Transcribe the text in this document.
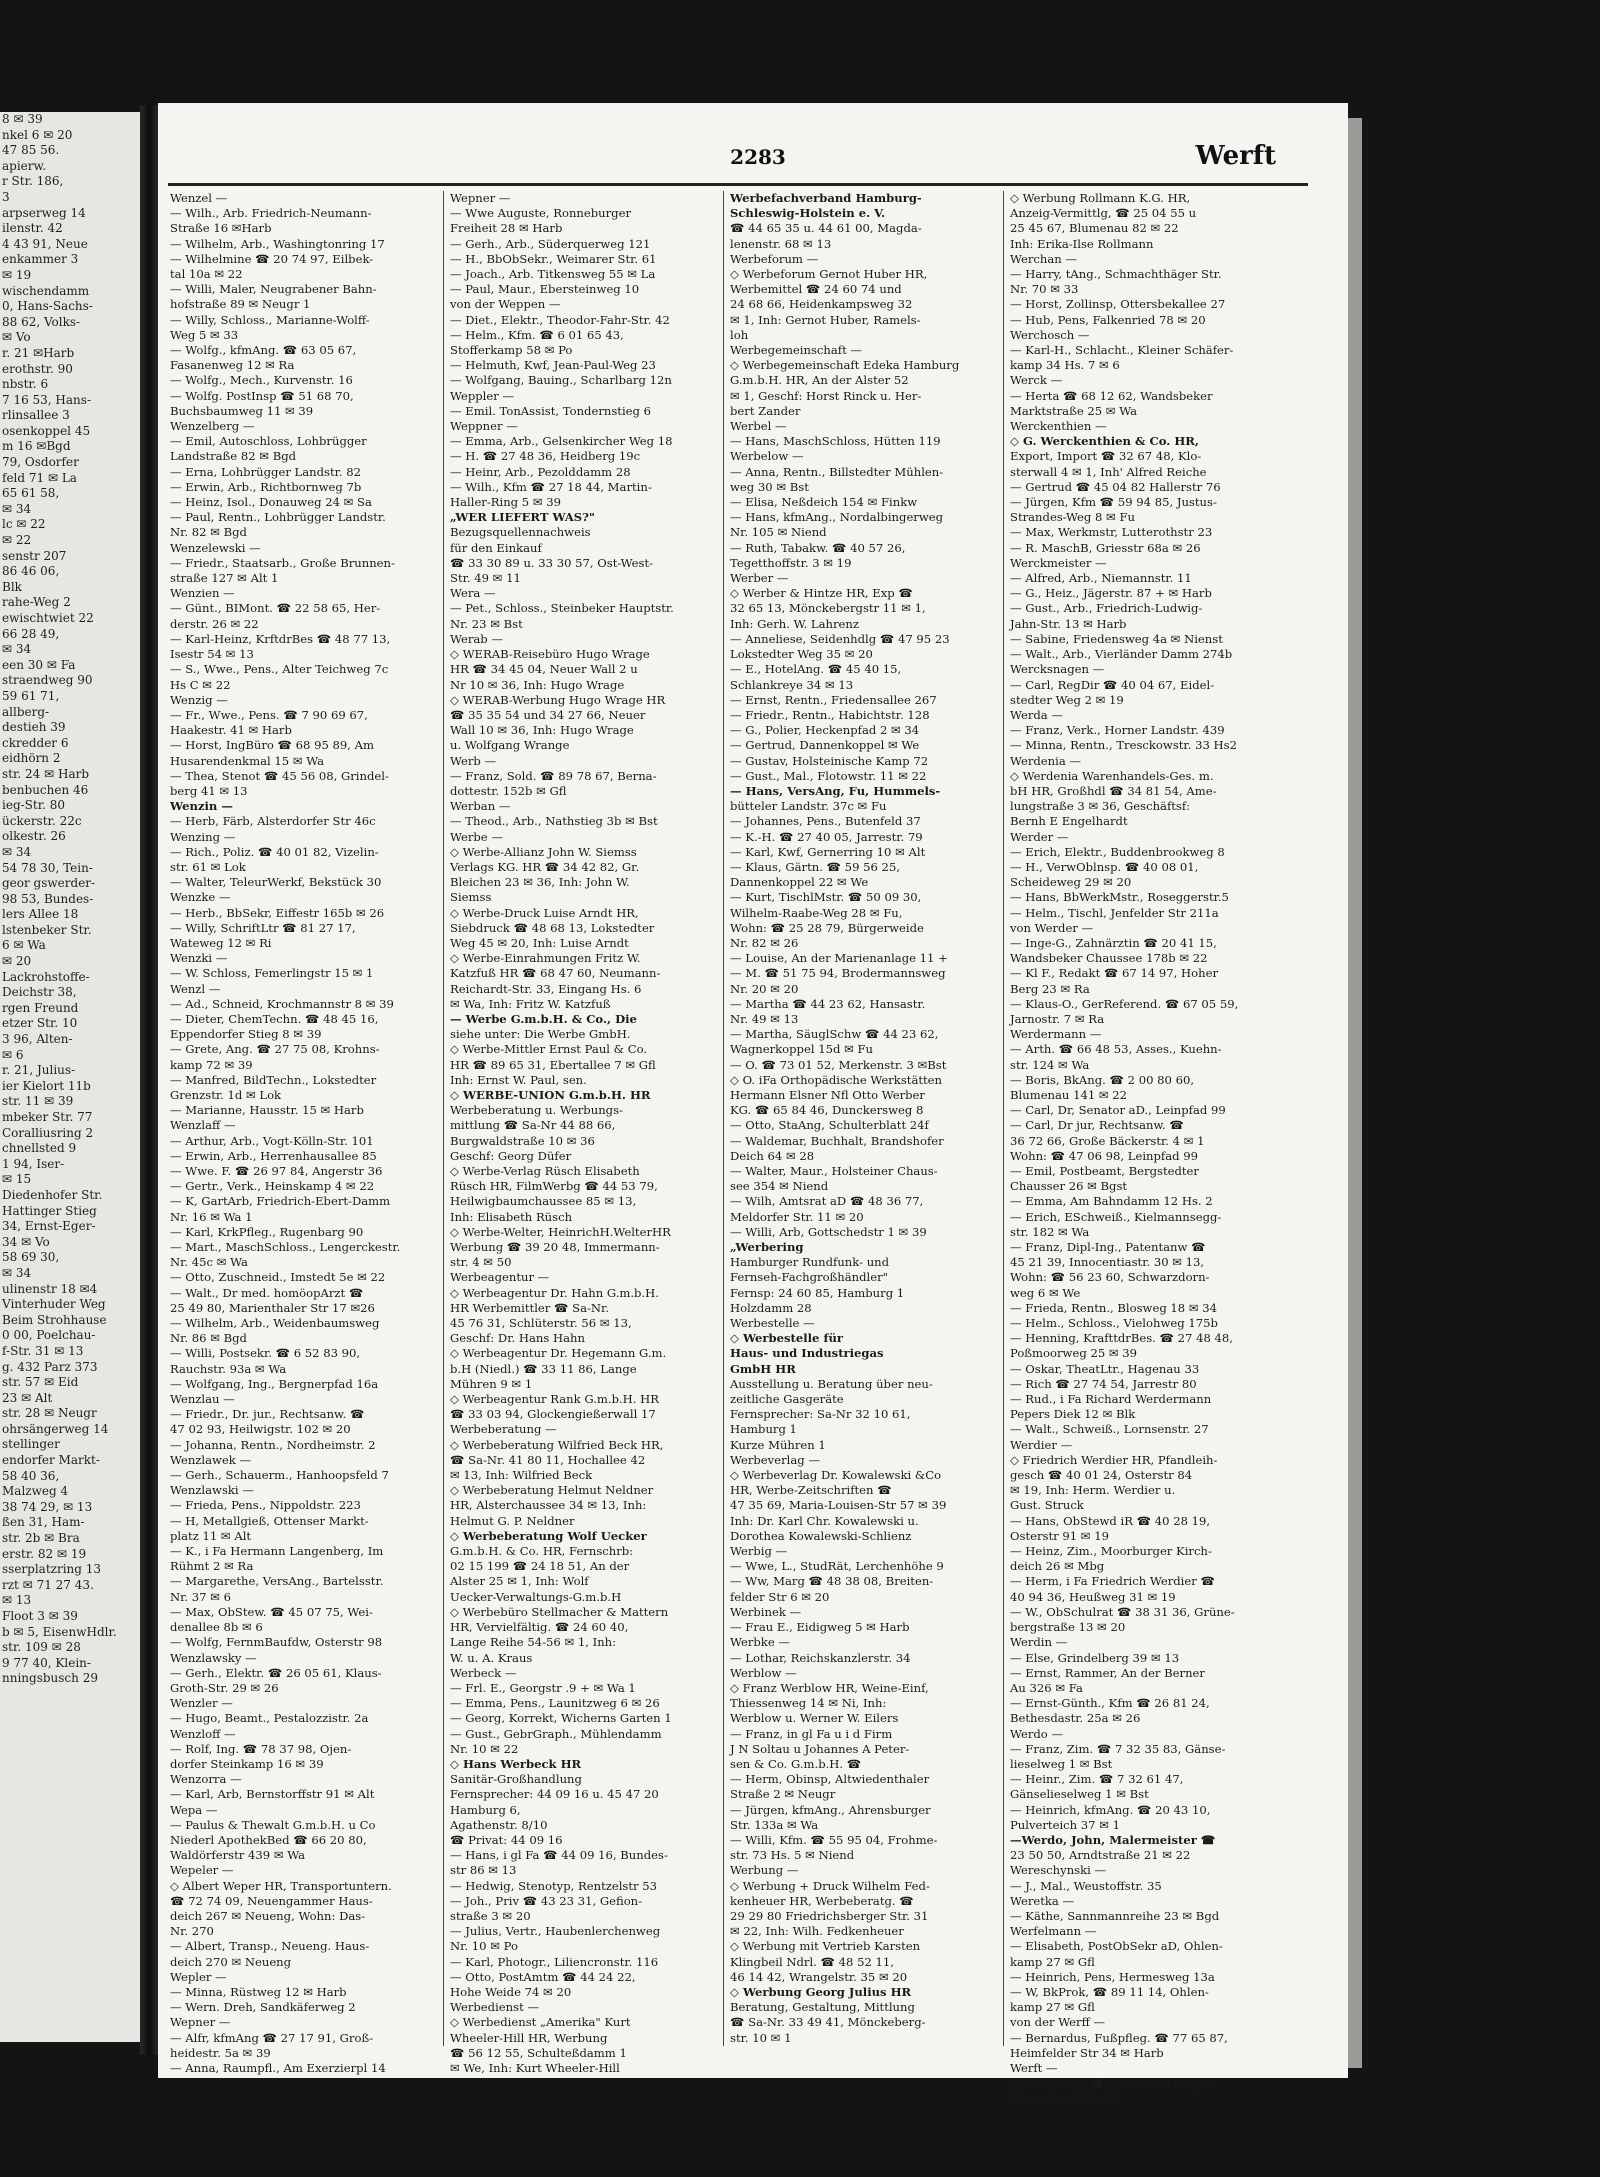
8 ✉ 39
nkel 6 ✉ 20
47 85 56.
apierw.
r Str. 186,
3
arpserweg 14
ilenstr. 42
4 43 91, Neue
enkammer 3
✉ 19
wischendamm
0, Hans-Sachs-
88 62, Volks-
✉ Vo
r. 21 ✉Harb
erothstr. 90
nbstr. 6
7 16 53, Hans-
rlinsallee 3
osenkoppel 45
m 16 ✉Bgd
79, Osdorfer
feld 71 ✉ La
65 61 58,
✉ 34
lc ✉ 22
✉ 22
senstr 207
86 46 06,
Blk
rahe-Weg 2
ewischtwiet 22
66 28 49,
✉ 34
een 30 ✉ Fa
straendweg 90
59 61 71,
allberg-
destieh 39
ckredder 6
eidhörn 2
str. 24 ✉ Harb
benbuchen 46
ieg-Str. 80
ückerstr. 22c
olkestr. 26
✉ 34
54 78 30, Tein-
geor gswerder-
98 53, Bundes-
lers Allee 18
lstenbeker Str.
6 ✉ Wa
✉ 20
Lackrohstoffe-
Deichstr 38,
rgen Freund
etzer Str. 10
3 96, Alten-
✉ 6
r. 21, Julius-
ier Kielort 11b
str. 11 ✉ 39
mbeker Str. 77
Coralliusring 2
chnellsted 9
1 94, Iser-
✉ 15
Diedenhofer Str.
Hattinger Stieg
34, Ernst-Eger-
34 ✉ Vo
58 69 30,
✉ 34
ulinenstr 18 ✉4
Vinterhuder Weg
Beim Strohhause
0 00, Poelchau-
f-Str. 31 ✉ 13
g. 432 Parz 373
str. 57 ✉ Eid
23 ✉ Alt
str. 28 ✉ Neugr
ohrsängerweg 14
stellinger
endorfer Markt-
58 40 36,
Malzweg 4
38 74 29, ✉ 13
ßen 31, Ham-
str. 2b ✉ Bra
erstr. 82 ✉ 19
sserplatzring 13
rzt ✉ 71 27 43.
✉ 13
Floot 3 ✉ 39
b ✉ 5, EisenwHdlr.
str. 109 ✉ 28
9 77 40, Klein-
nningsbusch 29
2283	Werft
Wenzel —
— Wilh., Arb. Friedrich-Neumann-
Straße 16 ✉Harb
— Wilhelm, Arb., Washingtonring 17
— Wilhelmine ☎ 20 74 97, Eilbek-
tal 10a ✉ 22
— Willi, Maler, Neugrabener Bahn-
hofstraße 89 ✉ Neugr 1
— Willy, Schloss., Marianne-Wolff-
Weg 5 ✉ 33
— Wolfg., kfmAng. ☎ 63 05 67,
Fasanenweg 12 ✉ Ra
— Wolfg., Mech., Kurvenstr. 16
— Wolfg. PostInsp ☎ 51 68 70,
Buchsbaumweg 11 ✉ 39
Wenzelberg —
— Emil, Autoschloss, Lohbrügger
Landstraße 82 ✉ Bgd
— Erna, Lohbrügger Landstr. 82
— Erwin, Arb., Richtbornweg 7b
— Heinz, Isol., Donauweg 24 ✉ Sa
— Paul, Rentn., Lohbrügger Landstr.
Nr. 82 ✉ Bgd
Wenzelewski —
— Friedr., Staatsarb., Große Brunnen-
straße 127 ✉ Alt 1
Wenzien —
— Günt., BIMont. ☎ 22 58 65, Her-
derstr. 26 ✉ 22
— Karl-Heinz, KrftdrBes ☎ 48 77 13,
Isestr 54 ✉ 13
— S., Wwe., Pens., Alter Teichweg 7c
Hs C ✉ 22
Wenzig —
— Fr., Wwe., Pens. ☎ 7 90 69 67,
Haakestr. 41 ✉ Harb
— Horst, IngBüro ☎ 68 95 89, Am
Husarendenkmal 15 ✉ Wa
— Thea, Stenot ☎ 45 56 08, Grindel-
berg 41 ✉ 13
Wenzin —
— Herb, Färb, Alsterdorfer Str 46c
Wenzing —
— Rich., Poliz. ☎ 40 01 82, Vizelin-
str. 61 ✉ Lok
— Walter, TeleurWerkf, Bekstück 30
Wenzke —
— Herb., BbSekr, Eiffestr 165b ✉ 26
— Willy, SchriftLtr ☎ 81 27 17,
Wateweg 12 ✉ Ri
Wenzki —
— W. Schloss, Femerlingstr 15 ✉ 1
Wenzl —
— Ad., Schneid, Krochmannstr 8 ✉ 39
— Dieter, ChemTechn. ☎ 48 45 16,
Eppendorfer Stieg 8 ✉ 39
— Grete, Ang. ☎ 27 75 08, Krohns-
kamp 72 ✉ 39
— Manfred, BildTechn., Lokstedter
Grenzstr. 1d ✉ Lok
— Marianne, Hausstr. 15 ✉ Harb
Wenzlaff —
— Arthur, Arb., Vogt-Kölln-Str. 101
— Erwin, Arb., Herrenhausallee 85
— Wwe. F. ☎ 26 97 84, Angerstr 36
— Gertr., Verk., Heinskamp 4 ✉ 22
— K, GartArb, Friedrich-Ebert-Damm
Nr. 16 ✉ Wa 1
— Karl, KrkPfleg., Rugenbarg 90
— Mart., MaschSchloss., Lengerckestr.
Nr. 45c ✉ Wa
— Otto, Zuschneid., Imstedt 5e ✉ 22
— Walt., Dr med. homöopArzt ☎
25 49 80, Marienthaler Str 17 ✉26
— Wilhelm, Arb., Weidenbaumsweg
Nr. 86 ✉ Bgd
— Willi, Postsekr. ☎ 6 52 83 90,
Rauchstr. 93a ✉ Wa
— Wolfgang, Ing., Bergnerpfad 16a
Wenzlau —
— Friedr., Dr. jur., Rechtsanw. ☎
47 02 93, Heilwigstr. 102 ✉ 20
— Johanna, Rentn., Nordheimstr. 2
Wenzlawek —
— Gerh., Schauerm., Hanhoopsfeld 7
Wenzlawski —
— Frieda, Pens., Nippoldstr. 223
— H, Metallgieß, Ottenser Markt-
platz 11 ✉ Alt
— K., i Fa Hermann Langenberg, Im
Rühmt 2 ✉ Ra
— Margarethe, VersAng., Bartelsstr.
Nr. 37 ✉ 6
— Max, ObStew. ☎ 45 07 75, Wei-
denallee 8b ✉ 6
— Wolfg, FernmBaufdw, Osterstr 98
Wenzlawsky —
— Gerh., Elektr. ☎ 26 05 61, Klaus-
Groth-Str. 29 ✉ 26
Wenzler —
— Hugo, Beamt., Pestalozzistr. 2a
Wenzloff —
— Rolf, Ing. ☎ 78 37 98, Ojen-
dorfer Steinkamp 16 ✉ 39
Wenzorra —
— Karl, Arb, Bernstorffstr 91 ✉ Alt
Wepa —
— Paulus & Thewalt G.m.b.H. u Co
Niederl ApothekBed ☎ 66 20 80,
Waldörferstr 439 ✉ Wa
Wepeler —
◇ Albert Weper HR, Transportuntern.
☎ 72 74 09, Neuengammer Haus-
deich 267 ✉ Neueng, Wohn: Das-
Nr. 270
— Albert, Transp., Neueng. Haus-
deich 270 ✉ Neueng
Wepler —
— Minna, Rüstweg 12 ✉ Harb
— Wern. Dreh, Sandkäferweg 2
Wepner —
— Alfr, kfmAng ☎ 27 17 91, Groß-
heidestr. 5a ✉ 39
— Anna, Raumpfl., Am Exerzierpl 14
Wepner —
— Wwe Auguste, Ronneburger
Freiheit 28 ✉ Harb
— Gerh., Arb., Süderquerweg 121
— H., BbObSekr., Weimarer Str. 61
— Joach., Arb. Titkensweg 55 ✉ La
— Paul, Maur., Ebersteinweg 10
von der Weppen —
— Diet., Elektr., Theodor-Fahr-Str. 42
— Helm., Kfm. ☎ 6 01 65 43,
Stofferkamp 58 ✉ Po
— Helmuth, Kwf, Jean-Paul-Weg 23
— Wolfgang, Bauing., Scharlbarg 12n
Weppler —
— Emil. TonAssist, Tondernstieg 6
Weppner —
— Emma, Arb., Gelsenkircher Weg 18
— H. ☎ 27 48 36, Heidberg 19c
— Heinr, Arb., Pezolddamm 28
— Wilh., Kfm ☎ 27 18 44, Martin-
Haller-Ring 5 ✉ 39
„WER LIEFERT WAS?"
Bezugsquellennachweis
für den Einkauf
☎ 33 30 89 u. 33 30 57, Ost-West-
Str. 49 ✉ 11
Wera —
— Pet., Schloss., Steinbeker Hauptstr.
Nr. 23 ✉ Bst
Werab —
◇ WERAB-Reisebüro Hugo Wrage
HR ☎ 34 45 04, Neuer Wall 2 u
Nr 10 ✉ 36, Inh: Hugo Wrage
◇ WERAB-Werbung Hugo Wrage HR
☎ 35 35 54 und 34 27 66, Neuer
Wall 10 ✉ 36, Inh: Hugo Wrage
u. Wolfgang Wrange
Werb —
— Franz, Sold. ☎ 89 78 67, Berna-
dottestr. 152b ✉ Gfl
Werban —
— Theod., Arb., Nathstieg 3b ✉ Bst
Werbe —
◇ Werbe-Allianz John W. Siemss
Verlags KG. HR ☎ 34 42 82, Gr.
Bleichen 23 ✉ 36, Inh: John W.
Siemss
◇ Werbe-Druck Luise Arndt HR,
Siebdruck ☎ 48 68 13, Lokstedter
Weg 45 ✉ 20, Inh: Luise Arndt
◇ Werbe-Einrahmungen Fritz W.
Katzfuß HR ☎ 68 47 60, Neumann-
Reichardt-Str. 33, Eingang Hs. 6
✉ Wa, Inh: Fritz W. Katzfuß
— Werbe G.m.b.H. & Co., Die
siehe unter: Die Werbe GmbH.
◇ Werbe-Mittler Ernst Paul & Co.
HR ☎ 89 65 31, Ebertallee 7 ✉ Gfl
Inh: Ernst W. Paul, sen.
◇ WERBE-UNION G.m.b.H. HR
Werbeberatung u. Werbungs-
mittlung ☎ Sa-Nr 44 88 66,
Burgwaldstraße 10 ✉ 36
Geschf: Georg Düfer
◇ Werbe-Verlag Rüsch Elisabeth
Rüsch HR, FilmWerbg ☎ 44 53 79,
Heilwigbaumchaussee 85 ✉ 13,
Inh: Elisabeth Rüsch
◇ Werbe-Welter, HeinrichH.WelterHR
Werbung ☎ 39 20 48, Immermann-
str. 4 ✉ 50
Werbeagentur —
◇ Werbeagentur Dr. Hahn G.m.b.H.
HR Werbemittler ☎ Sa-Nr.
45 76 31, Schlüterstr. 56 ✉ 13,
Geschf: Dr. Hans Hahn
◇ Werbeagentur Dr. Hegemann G.m.
b.H (Niedl.) ☎ 33 11 86, Lange
Mühren 9 ✉ 1
◇ Werbeagentur Rank G.m.b.H. HR
☎ 33 03 94, Glockengießerwall 17
Werbeberatung —
◇ Werbeberatung Wilfried Beck HR,
☎ Sa-Nr. 41 80 11, Hochallee 42
✉ 13, Inh: Wilfried Beck
◇ Werbeberatung Helmut Neldner
HR, Alsterchaussee 34 ✉ 13, Inh:
Helmut G. P. Neldner
◇ Werbeberatung Wolf Uecker
G.m.b.H. & Co. HR, Fernschrb:
02 15 199 ☎ 24 18 51, An der
Alster 25 ✉ 1, Inh: Wolf
Uecker-Verwaltungs-G.m.b.H
◇ Werbebüro Stellmacher & Mattern
HR, Vervielfältig. ☎ 24 60 40,
Lange Reihe 54-56 ✉ 1, Inh:
W. u. A. Kraus
Werbeck —
— Frl. E., Georgstr .9 + ✉ Wa 1
— Emma, Pens., Launitzweg 6 ✉ 26
— Georg, Korrekt, Wicherns Garten 1
— Gust., GebrGraph., Mühlendamm
Nr. 10 ✉ 22
◇ Hans Werbeck HR
Sanitär-Großhandlung
Fernsprecher: 44 09 16 u. 45 47 20
Hamburg 6,
Agathenstr. 8/10
☎ Privat: 44 09 16
— Hans, i gl Fa ☎ 44 09 16, Bundes-
str 86 ✉ 13
— Hedwig, Stenotyp, Rentzelstr 53
— Joh., Priv ☎ 43 23 31, Gefion-
straße 3 ✉ 20
— Julius, Vertr., Haubenlerchenweg
Nr. 10 ✉ Po
— Karl, Photogr., Liliencronstr. 116
— Otto, PostAmtm ☎ 44 24 22,
Hohe Weide 74 ✉ 20
Werbedienst —
◇ Werbedienst „Amerika" Kurt
Wheeler-Hill HR, Werbung
☎ 56 12 55, Schulteßdamm 1
✉ We, Inh: Kurt Wheeler-Hill
Werbefachverband Hamburg-
Schleswig-Holstein e. V.
☎ 44 65 35 u. 44 61 00, Magda-
lenenstr. 68 ✉ 13
Werbeforum —
◇ Werbeforum Gernot Huber HR,
Werbemittel ☎ 24 60 74 und
24 68 66, Heidenkampsweg 32
✉ 1, Inh: Gernot Huber, Ramels-
loh
Werbegemeinschaft —
◇ Werbegemeinschaft Edeka Hamburg
G.m.b.H. HR, An der Alster 52
✉ 1, Geschf: Horst Rinck u. Her-
bert Zander
Werbel —
— Hans, MaschSchloss, Hütten 119
Werbelow —
— Anna, Rentn., Billstedter Mühlen-
weg 30 ✉ Bst
— Elisa, Neßdeich 154 ✉ Finkw
— Hans, kfmAng., Nordalbingerweg
Nr. 105 ✉ Niend
— Ruth, Tabakw. ☎ 40 57 26,
Tegetthoffstr. 3 ✉ 19
Werber —
◇ Werber & Hintze HR, Exp ☎
32 65 13, Mönckebergstr 11 ✉ 1,
Inh: Gerh. W. Lahrenz
— Anneliese, Seidenhdlg ☎ 47 95 23
Lokstedter Weg 35 ✉ 20
— E., HotelAng. ☎ 45 40 15,
Schlankreye 34 ✉ 13
— Ernst, Rentn., Friedensallee 267
— Friedr., Rentn., Habichtstr. 128
— G., Polier, Heckenpfad 2 ✉ 34
— Gertrud, Dannenkoppel ✉ We
— Gustav, Holsteinische Kamp 72
— Gust., Mal., Flotowstr. 11 ✉ 22
— Hans, VersAng, Fu, Hummels-
bütteler Landstr. 37c ✉ Fu
— Johannes, Pens., Butenfeld 37
— K.-H. ☎ 27 40 05, Jarrestr. 79
— Karl, Kwf, Gernerring 10 ✉ Alt
— Klaus, Gärtn. ☎ 59 56 25,
Dannenkoppel 22 ✉ We
— Kurt, TischlMstr. ☎ 50 09 30,
Wilhelm-Raabe-Weg 28 ✉ Fu,
Wohn: ☎ 25 28 79, Bürgerweide
Nr. 82 ✉ 26
— Louise, An der Marienanlage 11 +
— M. ☎ 51 75 94, Brodermannsweg
Nr. 20 ✉ 20
— Martha ☎ 44 23 62, Hansastr.
Nr. 49 ✉ 13
— Martha, SäuglSchw ☎ 44 23 62,
Wagnerkoppel 15d ✉ Fu
— O. ☎ 73 01 52, Merkenstr. 3 ✉Bst
◇ O. iFa Orthopädische Werkstätten
Hermann Elsner Nfl Otto Werber
KG. ☎ 65 84 46, Dunckersweg 8
— Otto, StaAng, Schulterblatt 24f
— Waldemar, Buchhalt, Brandshofer
Deich 64 ✉ 28
— Walter, Maur., Holsteiner Chaus-
see 354 ✉ Niend
— Wilh, Amtsrat aD ☎ 48 36 77,
Meldorfer Str. 11 ✉ 20
— Willi, Arb, Gottschedstr 1 ✉ 39
„Werbering
Hamburger Rundfunk- und
Fernseh-Fachgroßhändler"
Fernsp: 24 60 85, Hamburg 1
Holzdamm 28
Werbestelle —
◇ Werbestelle für
Haus- und Industriegas
GmbH HR
Ausstellung u. Beratung über neu-
zeitliche Gasgeräte
Fernsprecher: Sa-Nr 32 10 61,
Hamburg 1
Kurze Mühren 1
Werbeverlag —
◇ Werbeverlag Dr. Kowalewski &Co
HR, Werbe-Zeitschriften ☎
47 35 69, Maria-Louisen-Str 57 ✉ 39
Inh: Dr. Karl Chr. Kowalewski u.
Dorothea Kowalewski-Schlienz
Werbig —
— Wwe, L., StudRät, Lerchenhöhe 9
— Ww, Marg ☎ 48 38 08, Breiten-
felder Str 6 ✉ 20
Werbinek —
— Frau E., Eidigweg 5 ✉ Harb
Werbke —
— Lothar, Reichskanzlerstr. 34
Werblow —
◇ Franz Werblow HR, Weine-Einf,
Thiessenweg 14 ✉ Ni, Inh:
Werblow u. Werner W. Eilers
— Franz, in gl Fa u i d Firm
J N Soltau u Johannes A Peter-
sen & Co. G.m.b.H. ☎
— Herm, Obinsp, Altwiedenthaler
Straße 2 ✉ Neugr
— Jürgen, kfmAng., Ahrensburger
Str. 133a ✉ Wa
— Willi, Kfm. ☎ 55 95 04, Frohme-
str. 73 Hs. 5 ✉ Niend
Werbung —
◇ Werbung + Druck Wilhelm Fed-
kenheuer HR, Werbeberatg. ☎
29 29 80 Friedrichsberger Str. 31
✉ 22, Inh: Wilh. Fedkenheuer
◇ Werbung mit Vertrieb Karsten
Klingbeil Ndrl. ☎ 48 52 11,
46 14 42, Wrangelstr. 35 ✉ 20
◇ Werbung Georg Julius HR
Beratung, Gestaltung, Mittlung
☎ Sa-Nr. 33 49 41, Mönckeberg-
str. 10 ✉ 1
◇ Werbung Rollmann K.G. HR,
Anzeig-Vermittlg, ☎ 25 04 55 u
25 45 67, Blumenau 82 ✉ 22
Inh: Erika-Ilse Rollmann
Werchan —
— Harry, tAng., Schmachthäger Str.
Nr. 70 ✉ 33
— Horst, Zollinsp, Ottersbekallee 27
— Hub, Pens, Falkenried 78 ✉ 20
Werchosch —
— Karl-H., Schlacht., Kleiner Schäfer-
kamp 34 Hs. 7 ✉ 6
Werck —
— Herta ☎ 68 12 62, Wandsbeker
Marktstraße 25 ✉ Wa
Werckenthien —
◇ G. Werckenthien & Co. HR,
Export, Import ☎ 32 67 48, Klo-
sterwall 4 ✉ 1, Inh' Alfred Reiche
— Gertrud ☎ 45 04 82 Hallerstr 76
— Jürgen, Kfm ☎ 59 94 85, Justus-
Strandes-Weg 8 ✉ Fu
— Max, Werkmstr, Lutterothstr 23
— R. MaschB, Griesstr 68a ✉ 26
Werckmeister —
— Alfred, Arb., Niemannstr. 11
— G., Heiz., Jägerstr. 87 + ✉ Harb
— Gust., Arb., Friedrich-Ludwig-
Jahn-Str. 13 ✉ Harb
— Sabine, Friedensweg 4a ✉ Nienst
— Walt., Arb., Vierländer Damm 274b
Wercksnagen —
— Carl, RegDir ☎ 40 04 67, Eidel-
stedter Weg 2 ✉ 19
Werda —
— Franz, Verk., Horner Landstr. 439
— Minna, Rentn., Tresckowstr. 33 Hs2
Werdenia —
◇ Werdenia Warenhandels-Ges. m.
bH HR, Großhdl ☎ 34 81 54, Ame-
lungstraße 3 ✉ 36, Geschäftsf:
Bernh E Engelhardt
Werder —
— Erich, Elektr., Buddenbrookweg 8
— H., VerwOblnsp. ☎ 40 08 01,
Scheideweg 29 ✉ 20
— Hans, BbWerkMstr., Roseggerstr.5
— Helm., Tischl, Jenfelder Str 211a
von Werder —
— Inge-G., Zahnärztin ☎ 20 41 15,
Wandsbeker Chaussee 178b ✉ 22
— Kl F., Redakt ☎ 67 14 97, Hoher
Berg 23 ✉ Ra
— Klaus-O., GerReferend. ☎ 67 05 59,
Jarnostr. 7 ✉ Ra
Werdermann —
— Arth. ☎ 66 48 53, Asses., Kuehn-
str. 124 ✉ Wa
— Boris, BkAng. ☎ 2 00 80 60,
Blumenau 141 ✉ 22
— Carl, Dr, Senator aD., Leinpfad 99
— Carl, Dr jur, Rechtsanw. ☎
36 72 66, Große Bäckerstr. 4 ✉ 1
Wohn: ☎ 47 06 98, Leinpfad 99
— Emil, Postbeamt, Bergstedter
Chausser 26 ✉ Bgst
— Emma, Am Bahndamm 12 Hs. 2
— Erich, ESchweiß., Kielmannsegg-
str. 182 ✉ Wa
— Franz, Dipl-Ing., Patentanw ☎
45 21 39, Innocentiastr. 30 ✉ 13,
Wohn: ☎ 56 23 60, Schwarzdorn-
weg 6 ✉ We
— Frieda, Rentn., Blosweg 18 ✉ 34
— Helm., Schloss., Vielohweg 175b
— Henning, KrafttdrBes. ☎ 27 48 48,
Poßmoorweg 25 ✉ 39
— Oskar, TheatLtr., Hagenau 33
— Rich ☎ 27 74 54, Jarrestr 80
— Rud., i Fa Richard Werdermann
Pepers Diek 12 ✉ Blk
— Walt., Schweiß., Lornsenstr. 27
Werdier —
◇ Friedrich Werdier HR, Pfandleih-
gesch ☎ 40 01 24, Osterstr 84
✉ 19, Inh: Herm. Werdier u.
Gust. Struck
— Hans, ObStewd iR ☎ 40 28 19,
Osterstr 91 ✉ 19
— Heinz, Zim., Moorburger Kirch-
deich 26 ✉ Mbg
— Herm, i Fa Friedrich Werdier ☎
40 94 36, Heußweg 31 ✉ 19
— W., ObSchulrat ☎ 38 31 36, Grüne-
bergstraße 13 ✉ 20
Werdin —
— Else, Grindelberg 39 ✉ 13
— Ernst, Rammer, An der Berner
Au 326 ✉ Fa
— Ernst-Günth., Kfm ☎ 26 81 24,
Bethesdastr. 25a ✉ 26
Werdo —
— Franz, Zim. ☎ 7 32 35 83, Gänse-
lieselweg 1 ✉ Bst
— Heinr., Zim. ☎ 7 32 61 47,
Gänselieselweg 1 ✉ Bst
— Heinrich, kfmAng. ☎ 20 43 10,
Pulverteich 37 ✉ 1
—Werdo, John, Malermeister ☎
23 50 50, Arndtstraße 21 ✉ 22
Wereschynski —
— J., Mal., Weustoffstr. 35
Weretka —
— Käthe, Sannmannreihe 23 ✉ Bgd
Werfelmann —
— Elisabeth, PostObSekr aD, Ohlen-
kamp 27 ✉ Gfl
— Heinrich, Pens, Hermesweg 13a
— W, BkProk, ☎ 89 11 14, Ohlen-
kamp 27 ✉ Gfl
von der Werff —
— Bernardus, Fußpfleg. ☎ 77 65 87,
Heimfelder Str 34 ✉ Harb
Werft —
— Willy, Mus ☎ 89 12 88, Luruper
Chaussee 43 ✉ Alt
